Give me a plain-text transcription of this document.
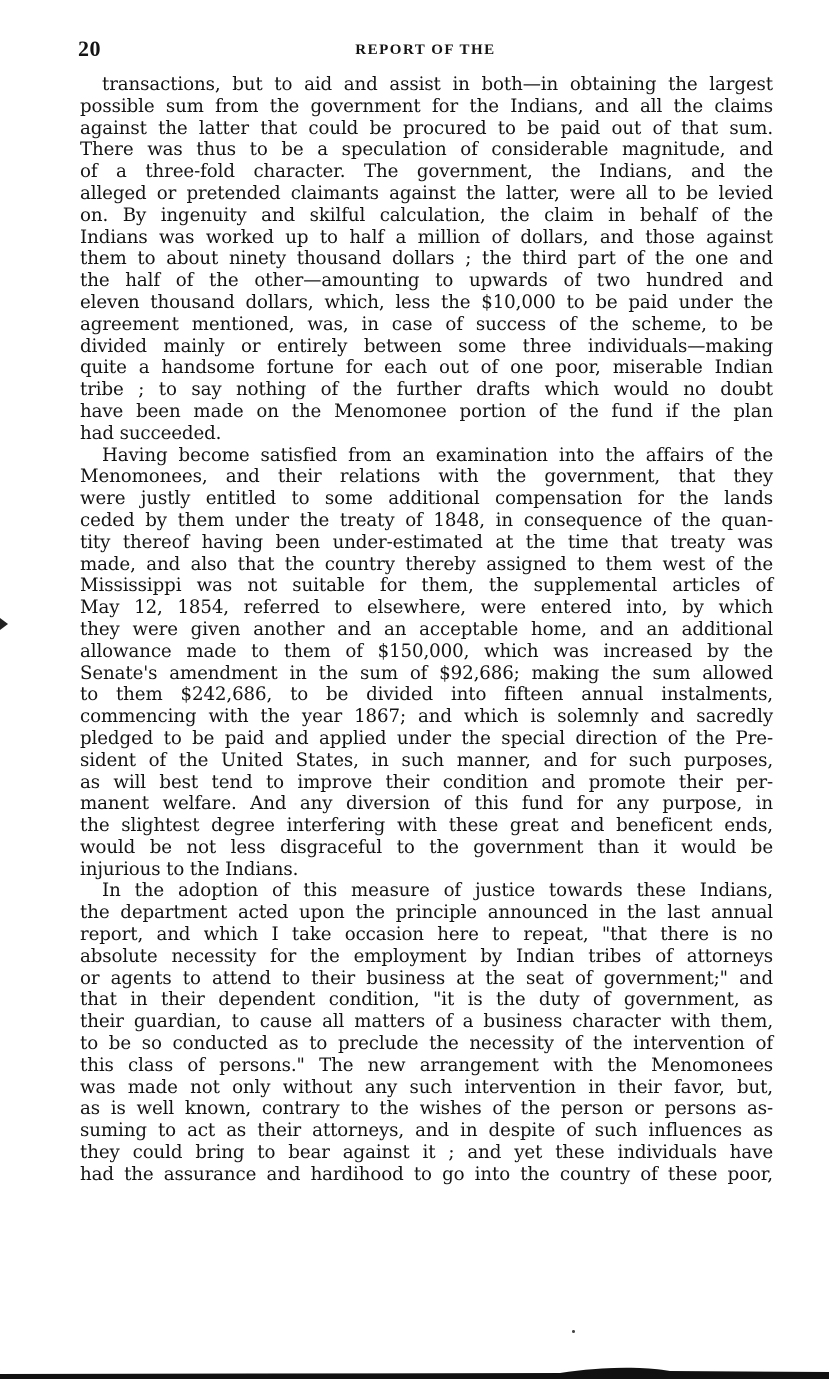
20	REPORT OF THE
transactions, but to aid and assist in both—in obtaining the largest
possible sum from the government for the Indians, and all the claims
against the latter that could be procured to be paid out of that sum.
There was thus to be a speculation of considerable magnitude, and
of a three-fold character. The government, the Indians, and the
alleged or pretended claimants against the latter, were all to be levied
on. By ingenuity and skilful calculation, the claim in behalf of the
Indians was worked up to half a million of dollars, and those against
them to about ninety thousand dollars ; the third part of the one and
the half of the other—amounting to upwards of two hundred and
eleven thousand dollars, which, less the $10,000 to be paid under the
agreement mentioned, was, in case of success of the scheme, to be
divided mainly or entirely between some three individuals—making
quite a handsome fortune for each out of one poor, miserable Indian
tribe ; to say nothing of the further drafts which would no doubt
have been made on the Menomonee portion of the fund if the plan
had succeeded.
Having become satisfied from an examination into the affairs of the
Menomonees, and their relations with the government, that they
were justly entitled to some additional compensation for the lands
ceded by them under the treaty of 1848, in consequence of the quan-
tity thereof having been under-estimated at the time that treaty was
made, and also that the country thereby assigned to them west of the
Mississippi was not suitable for them, the supplemental articles of
May 12, 1854, referred to elsewhere, were entered into, by which
they were given another and an acceptable home, and an additional
allowance made to them of $150,000, which was increased by the
Senate's amendment in the sum of $92,686; making the sum allowed
to them $242,686, to be divided into fifteen annual instalments,
commencing with the year 1867; and which is solemnly and sacredly
pledged to be paid and applied under the special direction of the Pre-
sident of the United States, in such manner, and for such purposes,
as will best tend to improve their condition and promote their per-
manent welfare. And any diversion of this fund for any purpose, in
the slightest degree interfering with these great and beneficent ends,
would be not less disgraceful to the government than it would be
injurious to the Indians.
In the adoption of this measure of justice towards these Indians,
the department acted upon the principle announced in the last annual
report, and which I take occasion here to repeat, "that there is no
absolute necessity for the employment by Indian tribes of attorneys
or agents to attend to their business at the seat of government;" and
that in their dependent condition, "it is the duty of government, as
their guardian, to cause all matters of a business character with them,
to be so conducted as to preclude the necessity of the intervention of
this class of persons." The new arrangement with the Menomonees
was made not only without any such intervention in their favor, but,
as is well known, contrary to the wishes of the person or persons as-
suming to act as their attorneys, and in despite of such influences as
they could bring to bear against it ; and yet these individuals have
had the assurance and hardihood to go into the country of these poor,
